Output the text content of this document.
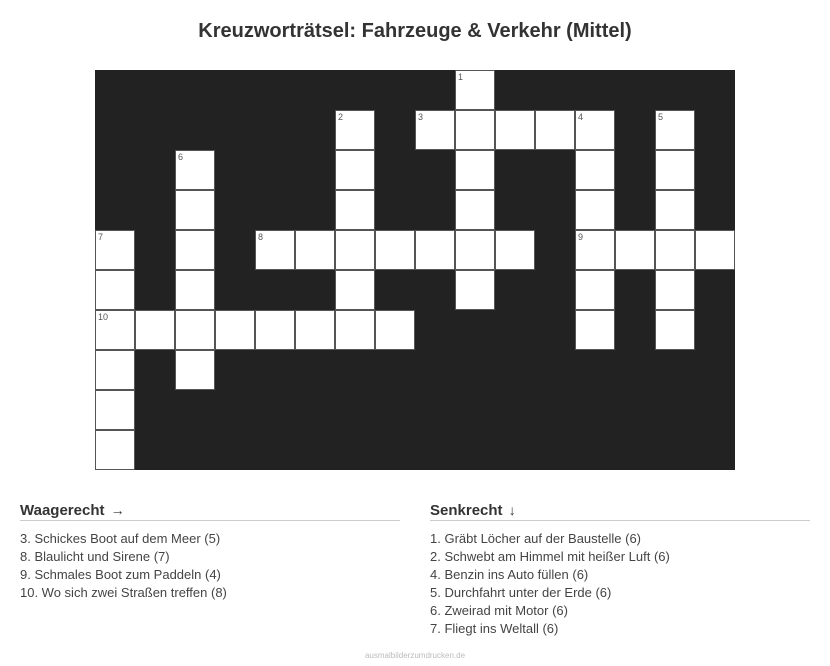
Kreuzworträtsel: Fahrzeuge & Verkehr (Mittel)
1
2	3	4
9
5
6
7
10
8
Waagerecht →
3. Schickes Boot auf dem Meer (5)
8. Blaulicht und Sirene (7)
9. Schmales Boot zum Paddeln (4)
10. Wo sich zwei Straßen treffen (8)
Senkrecht ↓
1. Gräbt Löcher auf der Baustelle (6)
2. Schwebt am Himmel mit heißer Luft (6)
4. Benzin ins Auto füllen (6)
5. Durchfahrt unter der Erde (6)
6. Zweirad mit Motor (6)
7. Fliegt ins Weltall (6)
ausmalbilderzumdrucken.de
